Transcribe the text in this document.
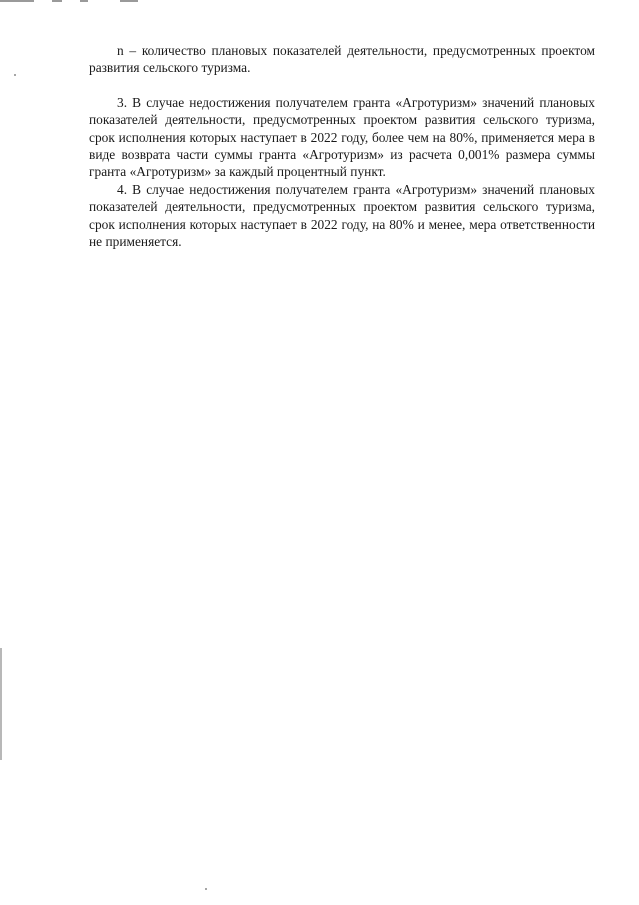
n – количество плановых показателей деятельности, предусмотренных проектом развития сельского туризма.

3. В случае недостижения получателем гранта «Агротуризм» значений плановых показателей деятельности, предусмотренных проектом развития сельского туризма, срок исполнения которых наступает в 2022 году, более чем на 80%, применяется мера в виде возврата части суммы гранта «Агротуризм» из расчета 0,001% размера суммы гранта «Агротуризм» за каждый процентный пункт.

4. В случае недостижения получателем гранта «Агротуризм» значений плановых показателей деятельности, предусмотренных проектом развития сельского туризма, срок исполнения которых наступает в 2022 году, на 80% и менее, мера ответственности не применяется.
